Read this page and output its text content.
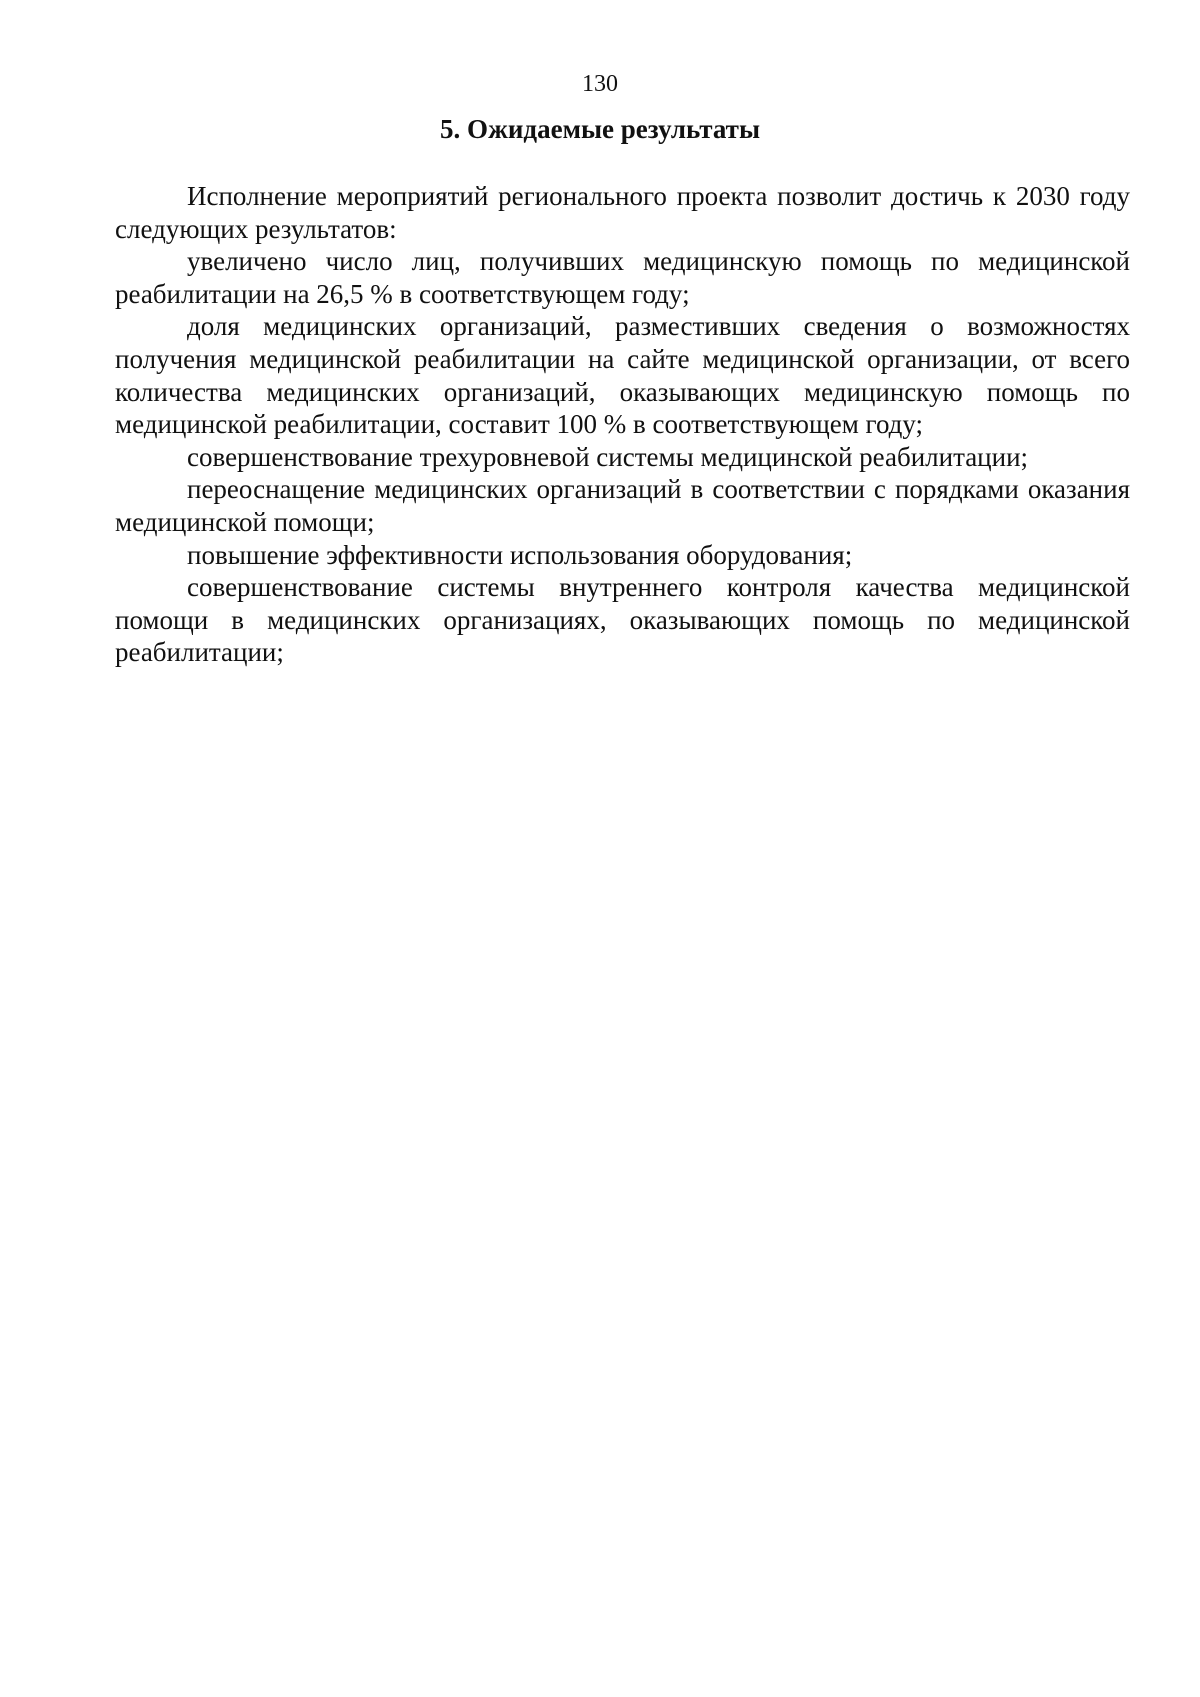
130
5. Ожидаемые результаты

Исполнение мероприятий регионального проекта позволит достичь к 2030 году следующих результатов:

увеличено число лиц, получивших медицинскую помощь по медицинской реабилитации на 26,5 % в соответствующем году;

доля медицинских организаций, разместивших сведения о возможностях получения медицинской реабилитации на сайте медицинской организации, от всего количества медицинских организаций, оказывающих медицинскую помощь по медицинской реабилитации, составит 100 % в соответствующем году;

совершенствование трехуровневой системы медицинской реабилитации;

переоснащение медицинских организаций в соответствии с порядками оказания медицинской помощи;

повышение эффективности использования оборудования;

совершенствование системы внутреннего контроля качества медицинской помощи в медицинских организациях, оказывающих помощь по медицинской реабилитации;
